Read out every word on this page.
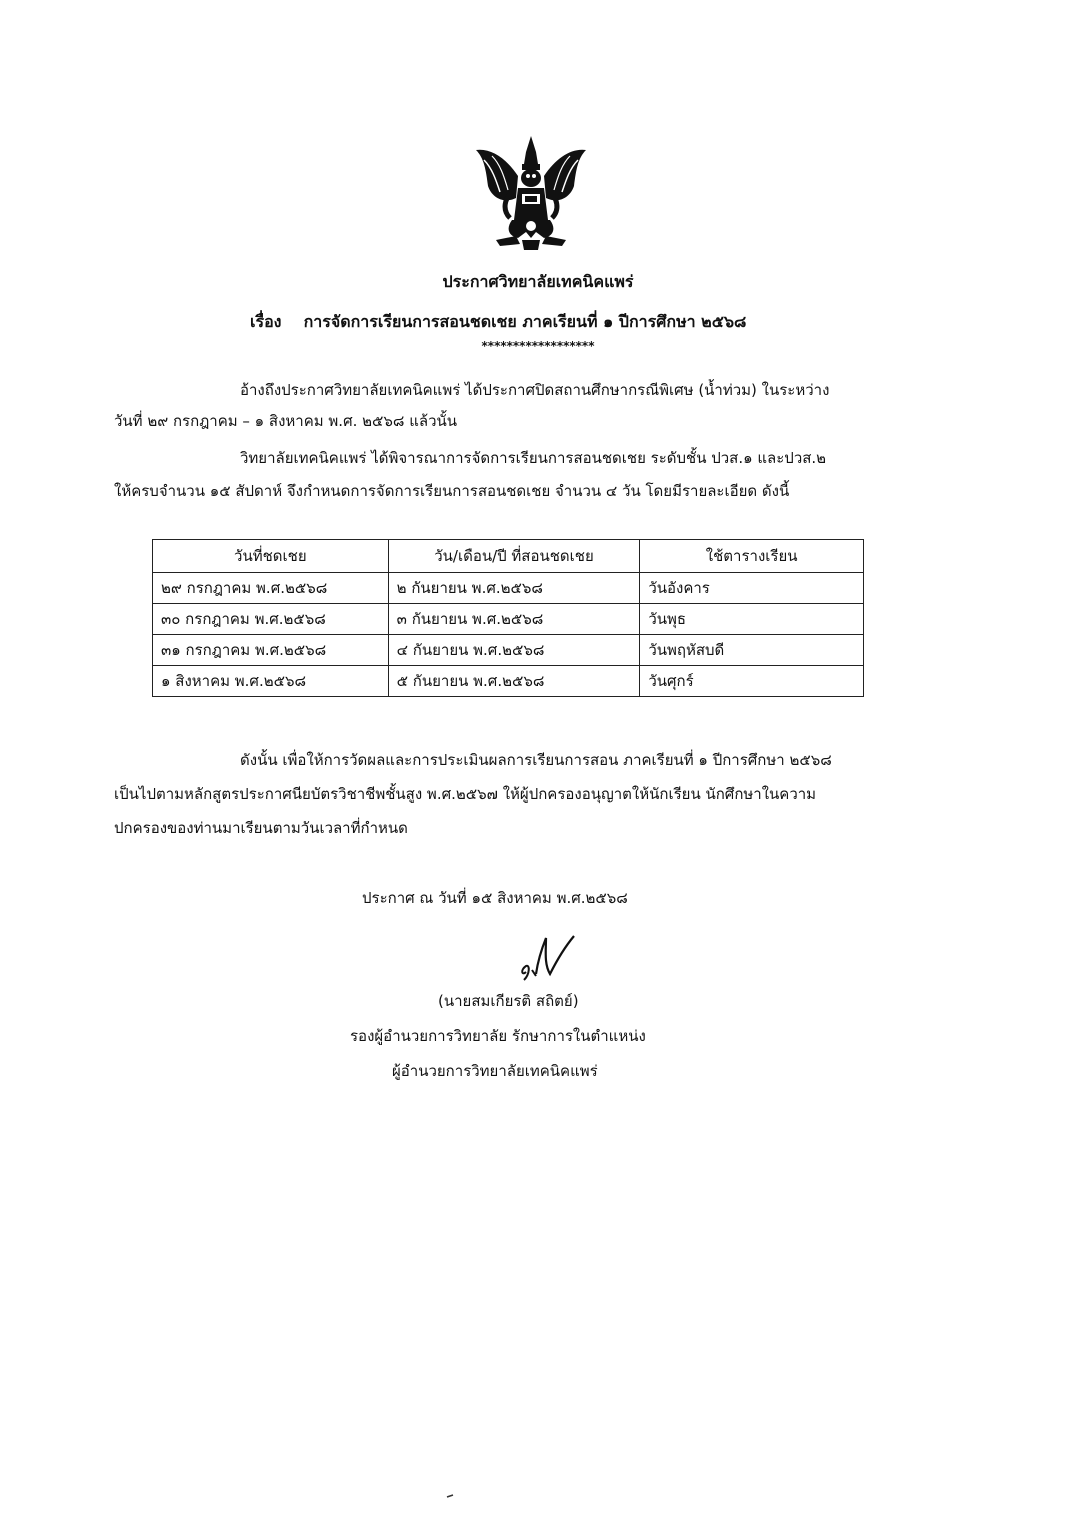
ประกาศวิทยาลัยเทคนิคแพร่
เรื่อง การจัดการเรียนการสอนชดเชย ภาคเรียนที่ ๑ ปีการศึกษา ๒๕๖๘
******************
อ้างถึงประกาศวิทยาลัยเทคนิคแพร่ ได้ประกาศปิดสถานศึกษากรณีพิเศษ (น้ำท่วม) ในระหว่าง
วันที่ ๒๙ กรกฎาคม – ๑ สิงหาคม พ.ศ. ๒๕๖๘ แล้วนั้น
วิทยาลัยเทคนิคแพร่ ได้พิจารณาการจัดการเรียนการสอนชดเชย ระดับชั้น ปวส.๑ และปวส.๒
ให้ครบจำนวน ๑๕ สัปดาห์ จึงกำหนดการจัดการเรียนการสอนชดเชย จำนวน ๔ วัน โดยมีรายละเอียด ดังนี้
วันที่ชดเชย	วัน/เดือน/ปี ที่สอนชดเชย	ใช้ตารางเรียน
๒๙ กรกฎาคม พ.ศ.๒๕๖๘	๒ กันยายน พ.ศ.๒๕๖๘	วันอังคาร
๓๐ กรกฎาคม พ.ศ.๒๕๖๘	๓ กันยายน พ.ศ.๒๕๖๘	วันพุธ
๓๑ กรกฎาคม พ.ศ.๒๕๖๘	๔ กันยายน พ.ศ.๒๕๖๘	วันพฤหัสบดี
๑ สิงหาคม พ.ศ.๒๕๖๘	๕ กันยายน พ.ศ.๒๕๖๘	วันศุกร์
ดังนั้น เพื่อให้การวัดผลและการประเมินผลการเรียนการสอน ภาคเรียนที่ ๑ ปีการศึกษา ๒๕๖๘
เป็นไปตามหลักสูตรประกาศนียบัตรวิชาชีพชั้นสูง พ.ศ.๒๕๖๗ ให้ผู้ปกครองอนุญาตให้นักเรียน นักศึกษาในความ
ปกครองของท่านมาเรียนตามวันเวลาที่กำหนด
ประกาศ ณ วันที่ ๑๕ สิงหาคม พ.ศ.๒๕๖๘
(นายสมเกียรติ สถิตย์)
รองผู้อำนวยการวิทยาลัย รักษาการในตำแหน่ง
ผู้อำนวยการวิทยาลัยเทคนิคแพร่
